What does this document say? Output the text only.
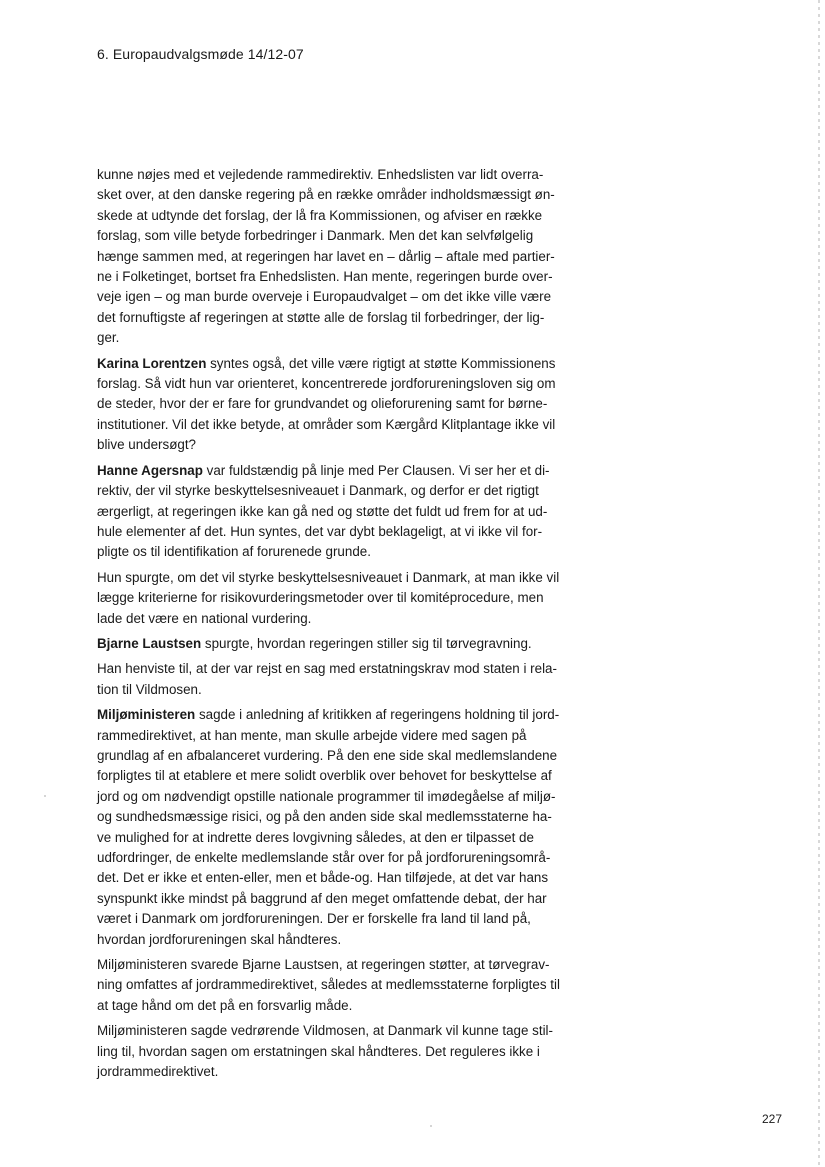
6. Europaudvalgsmøde 14/12-07

kunne nøjes med et vejledende rammedirektiv. Enhedslisten var lidt overra-
sket over, at den danske regering på en række områder indholdsmæssigt øn-
skede at udtynde det forslag, der lå fra Kommissionen, og afviser en række
forslag, som ville betyde forbedringer i Danmark. Men det kan selvfølgelig
hænge sammen med, at regeringen har lavet en – dårlig – aftale med partier-
ne i Folketinget, bortset fra Enhedslisten. Han mente, regeringen burde over-
veje igen – og man burde overveje i Europaudvalget – om det ikke ville være
det fornuftigste af regeringen at støtte alle de forslag til forbedringer, der lig-
ger.

Karina Lorentzen syntes også, det ville være rigtigt at støtte Kommissionens
forslag. Så vidt hun var orienteret, koncentrerede jordforureningsloven sig om
de steder, hvor der er fare for grundvandet og olieforurening samt for børne-
institutioner. Vil det ikke betyde, at områder som Kærgård Klitplantage ikke vil
blive undersøgt?

Hanne Agersnap var fuldstændig på linje med Per Clausen. Vi ser her et di-
rektiv, der vil styrke beskyttelsesniveauet i Danmark, og derfor er det rigtigt
ærgerligt, at regeringen ikke kan gå ned og støtte det fuldt ud frem for at ud-
hule elementer af det. Hun syntes, det var dybt beklageligt, at vi ikke vil for-
pligte os til identifikation af forurenede grunde.

Hun spurgte, om det vil styrke beskyttelsesniveauet i Danmark, at man ikke vil
lægge kriterierne for risikovurderingsmetoder over til komitéprocedure, men
lade det være en national vurdering.

Bjarne Laustsen spurgte, hvordan regeringen stiller sig til tørvegravning.

Han henviste til, at der var rejst en sag med erstatningskrav mod staten i rela-
tion til Vildmosen.

Miljøministeren sagde i anledning af kritikken af regeringens holdning til jord-
rammedirektivet, at han mente, man skulle arbejde videre med sagen på
grundlag af en afbalanceret vurdering. På den ene side skal medlemslandene
forpligtes til at etablere et mere solidt overblik over behovet for beskyttelse af
jord og om nødvendigt opstille nationale programmer til imødegåelse af miljø-
og sundhedsmæssige risici, og på den anden side skal medlemsstaterne ha-
ve mulighed for at indrette deres lovgivning således, at den er tilpasset de
udfordringer, de enkelte medlemslande står over for på jordforureningsområ-
det. Det er ikke et enten-eller, men et både-og. Han tilføjede, at det var hans
synspunkt ikke mindst på baggrund af den meget omfattende debat, der har
været i Danmark om jordforureningen. Der er forskelle fra land til land på,
hvordan jordforureningen skal håndteres.

Miljøministeren svarede Bjarne Laustsen, at regeringen støtter, at tørvegrav-
ning omfattes af jordrammedirektivet, således at medlemsstaterne forpligtes til
at tage hånd om det på en forsvarlig måde.

Miljøministeren sagde vedrørende Vildmosen, at Danmark vil kunne tage stil-
ling til, hvordan sagen om erstatningen skal håndteres. Det reguleres ikke i
jordrammedirektivet.

227
